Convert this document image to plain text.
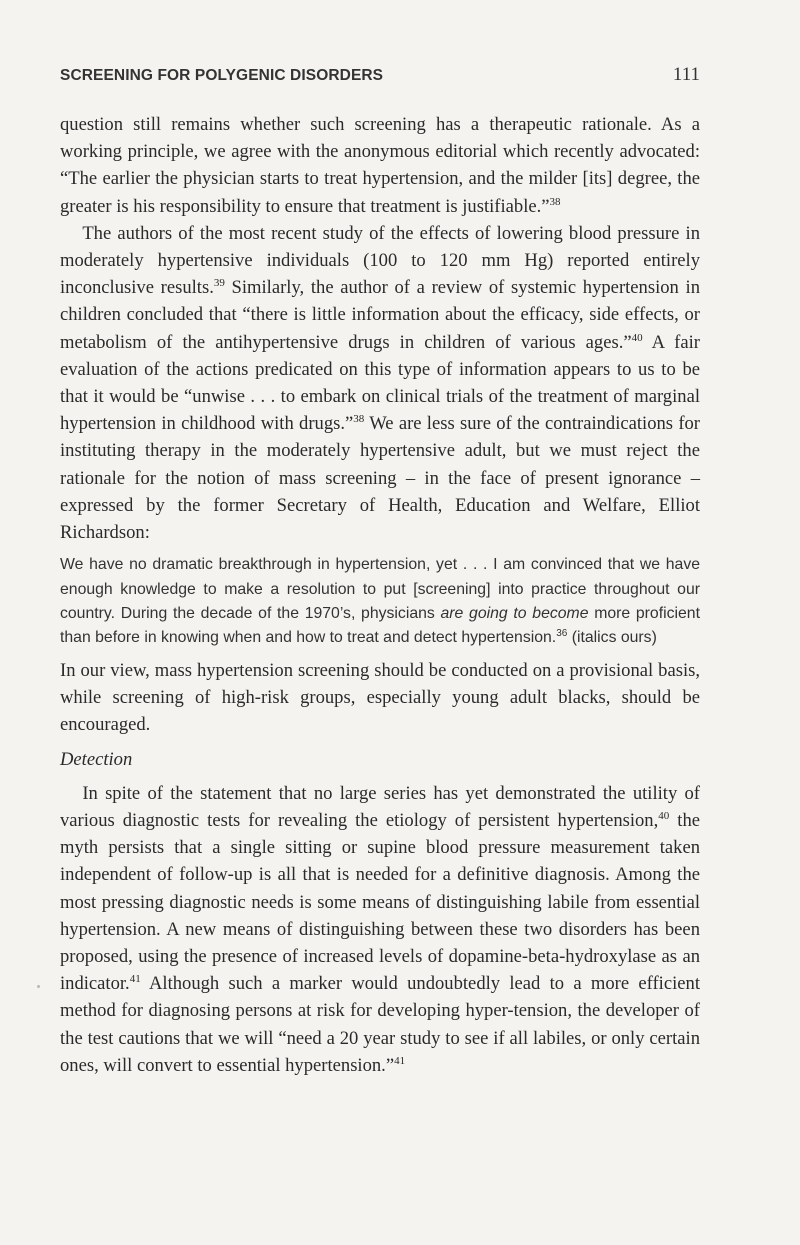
SCREENING FOR POLYGENIC DISORDERS	111

question still remains whether such screening has a therapeutic rationale. As a working principle, we agree with the anonymous editorial which recently advocated: “The earlier the physician starts to treat hypertension, and the milder [its] degree, the greater is his responsibility to ensure that treatment is justifiable.”$^{38}$

The authors of the most recent study of the effects of lowering blood pressure in moderately hypertensive individuals (100 to 120 mm Hg) reported entirely inconclusive results.$^{39}$ Similarly, the author of a review of systemic hypertension in children concluded that “there is little information about the efficacy, side effects, or metabolism of the antihypertensive drugs in children of various ages.”$^{40}$ A fair evaluation of the actions predicated on this type of information appears to us to be that it would be “unwise . . . to embark on clinical trials of the treatment of marginal hypertension in childhood with drugs.”$^{38}$ We are less sure of the contraindications for instituting therapy in the moderately hypertensive adult, but we must reject the rationale for the notion of mass screening – in the face of present ignorance – expressed by the former Secretary of Health, Education and Welfare, Elliot Richardson:

We have no dramatic breakthrough in hypertension, yet . . . I am convinced that we have enough knowledge to make a resolution to put [screening] into practice throughout our country. During the decade of the 1970’s, physicians are going to become more proficient than before in knowing when and how to treat and detect hypertension.$^{36}$ (italics ours)

In our view, mass hypertension screening should be conducted on a provisional basis, while screening of high-risk groups, especially young adult blacks, should be encouraged.

Detection

In spite of the statement that no large series has yet demonstrated the utility of various diagnostic tests for revealing the etiology of persistent hypertension,$^{40}$ the myth persists that a single sitting or supine blood pressure measurement taken independent of follow-up is all that is needed for a definitive diagnosis. Among the most pressing diagnostic needs is some means of distinguishing labile from essential hypertension. A new means of distinguishing between these two disorders has been proposed, using the presence of increased levels of dopamine-beta-hydroxylase as an indicator.$^{41}$ Although such a marker would undoubtedly lead to a more efficient method for diagnosing persons at risk for developing hyper-tension, the developer of the test cautions that we will “need a 20 year study to see if all labiles, or only certain ones, will convert to essential hypertension.”$^{41}$
